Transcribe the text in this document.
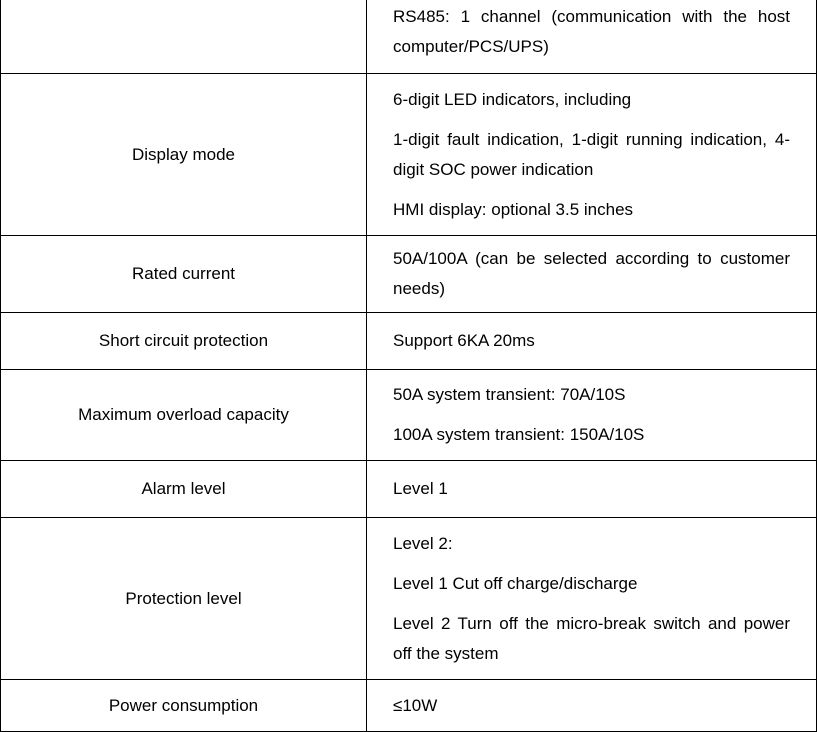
	RS485: 1 channel (communication with the host computer/PCS/UPS)

Display mode	6-digit LED indicators, including

1-digit fault indication, 1-digit running indication, 4-digit SOC power indication

HMI display: optional 3.5 inches

Rated current	50A/100A (can be selected according to customer needs)

Short circuit protection	Support 6KA 20ms

Maximum overload capacity	50A system transient: 70A/10S

100A system transient: 150A/10S

Alarm level	Level 1

Protection level	Level 2:

Level 1 Cut off charge/discharge

Level 2 Turn off the micro-break switch and power off the system

Power consumption	≤10W
